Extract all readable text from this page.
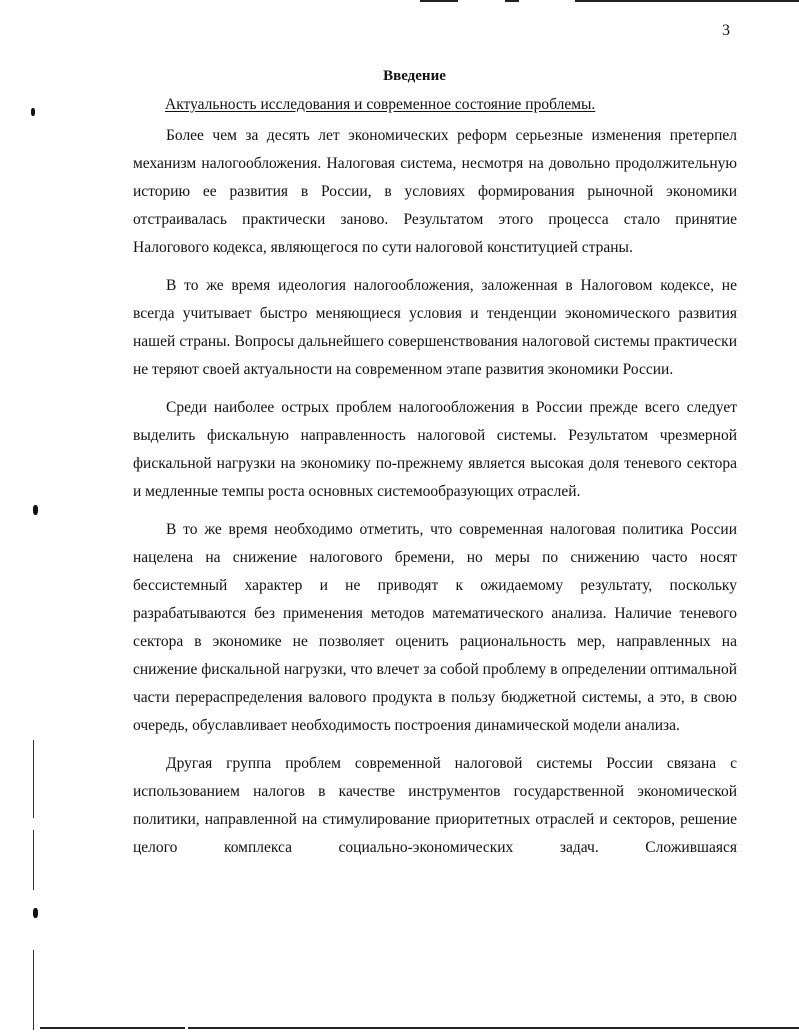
3
Введение
Актуальность исследования и современное состояние проблемы.

Более чем за десять лет экономических реформ серьезные изменения претерпел механизм налогообложения. Налоговая система, несмотря на довольно продолжительную историю ее развития в России, в условиях формирования рыночной экономики отстраивалась практически заново. Результатом этого процесса стало принятие Налогового кодекса, являющегося по сути налоговой конституцией страны.

В то же время идеология налогообложения, заложенная в Налоговом кодексе, не всегда учитывает быстро меняющиеся условия и тенденции экономического развития нашей страны. Вопросы дальнейшего совершенствования налоговой системы практически не теряют своей актуальности на современном этапе развития экономики России.

Среди наиболее острых проблем налогообложения в России прежде всего следует выделить фискальную направленность налоговой системы. Результатом чрезмерной фискальной нагрузки на экономику по-прежнему является высокая доля теневого сектора и медленные темпы роста основных системообразующих отраслей.

В то же время необходимо отметить, что современная налоговая политика России нацелена на снижение налогового бремени, но меры по снижению часто носят бессистемный характер и не приводят к ожидаемому результату, поскольку разрабатываются без применения методов математического анализа. Наличие теневого сектора в экономике не позволяет оценить рациональность мер, направленных на снижение фискальной нагрузки, что влечет за собой проблему в определении оптимальной части перераспределения валового продукта в пользу бюджетной системы, а это, в свою очередь, обуславливает необходимость построения динамической модели анализа.

Другая группа проблем современной налоговой системы России связана с использованием налогов в качестве инструментов государственной экономической политики, направленной на стимулирование приоритетных отраслей и секторов, решение целого комплекса социально-экономических задач. Сложившаяся
